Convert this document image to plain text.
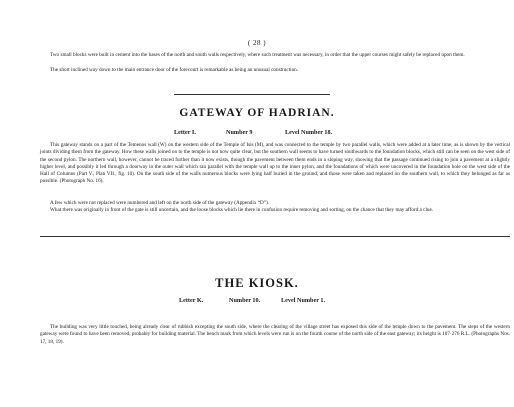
( 28 )

Two small blocks were built in cement into the bases of the north and south walls respectively, where such treatment was necessary, in order that the upper courses might safely be replaced upon them.

The short inclined way down to the main entrance door of the forecourt is remarkable as being an unusual construction.

GATEWAY OF HADRIAN.
Letter I.	Number 9	Level Number 18.

This gateway stands on a part of the Temenos wall (W) on the western side of the Temple of Isis (M), and was connected to the temple by two parallel walls, which were added at a later time, as is shown by the vertical joints dividing them from the gateway. How these walls joined on to the temple is not now quite clear, but the southern wall seems to have turned southwards to the foundation blocks, which still can be seen on the west side of the second pylon. The northern wall, however, cannot be traced further than it now exists, though the pavement between them ends in a sloping way, showing that the passage continued rising to join a pavement at a slightly higher level, and possibly it led through a doorway in the outer wall which ran parallel with the temple wall up to the inner pylon, and the foundations of which were uncovered in the foundation hole on the west side of the Hall of Columns (Part V., Plan VII., fig. 10). On the south side of the walls numerous blocks were lying half buried in the ground, and those were taken and replaced on the southern wall, to which they belonged as far as possible. (Photograph No. 16).

A few which were not replaced were numbered and left on the north side of the gateway (Appendix “D”).

What there was originally in front of the gate is still uncertain, and the loose blocks which lie there in confusion require removing and sorting, on the chance that they may afford a clue.

THE KIOSK.
Letter K.	Number 10.	Level Number 1.

The building was very little touched, being already clear of rubbish excepting the south side, where the clearing of the village street has exposed this side of the temple down to the pavement. The steps of the western gateway were found to have been removed, probably for building material. The bench mark from which levels were run is on the fourth course of the north side of the east gateway; its height is 107·276 R.L. (Photographs Nos. 17, 18, 19).
